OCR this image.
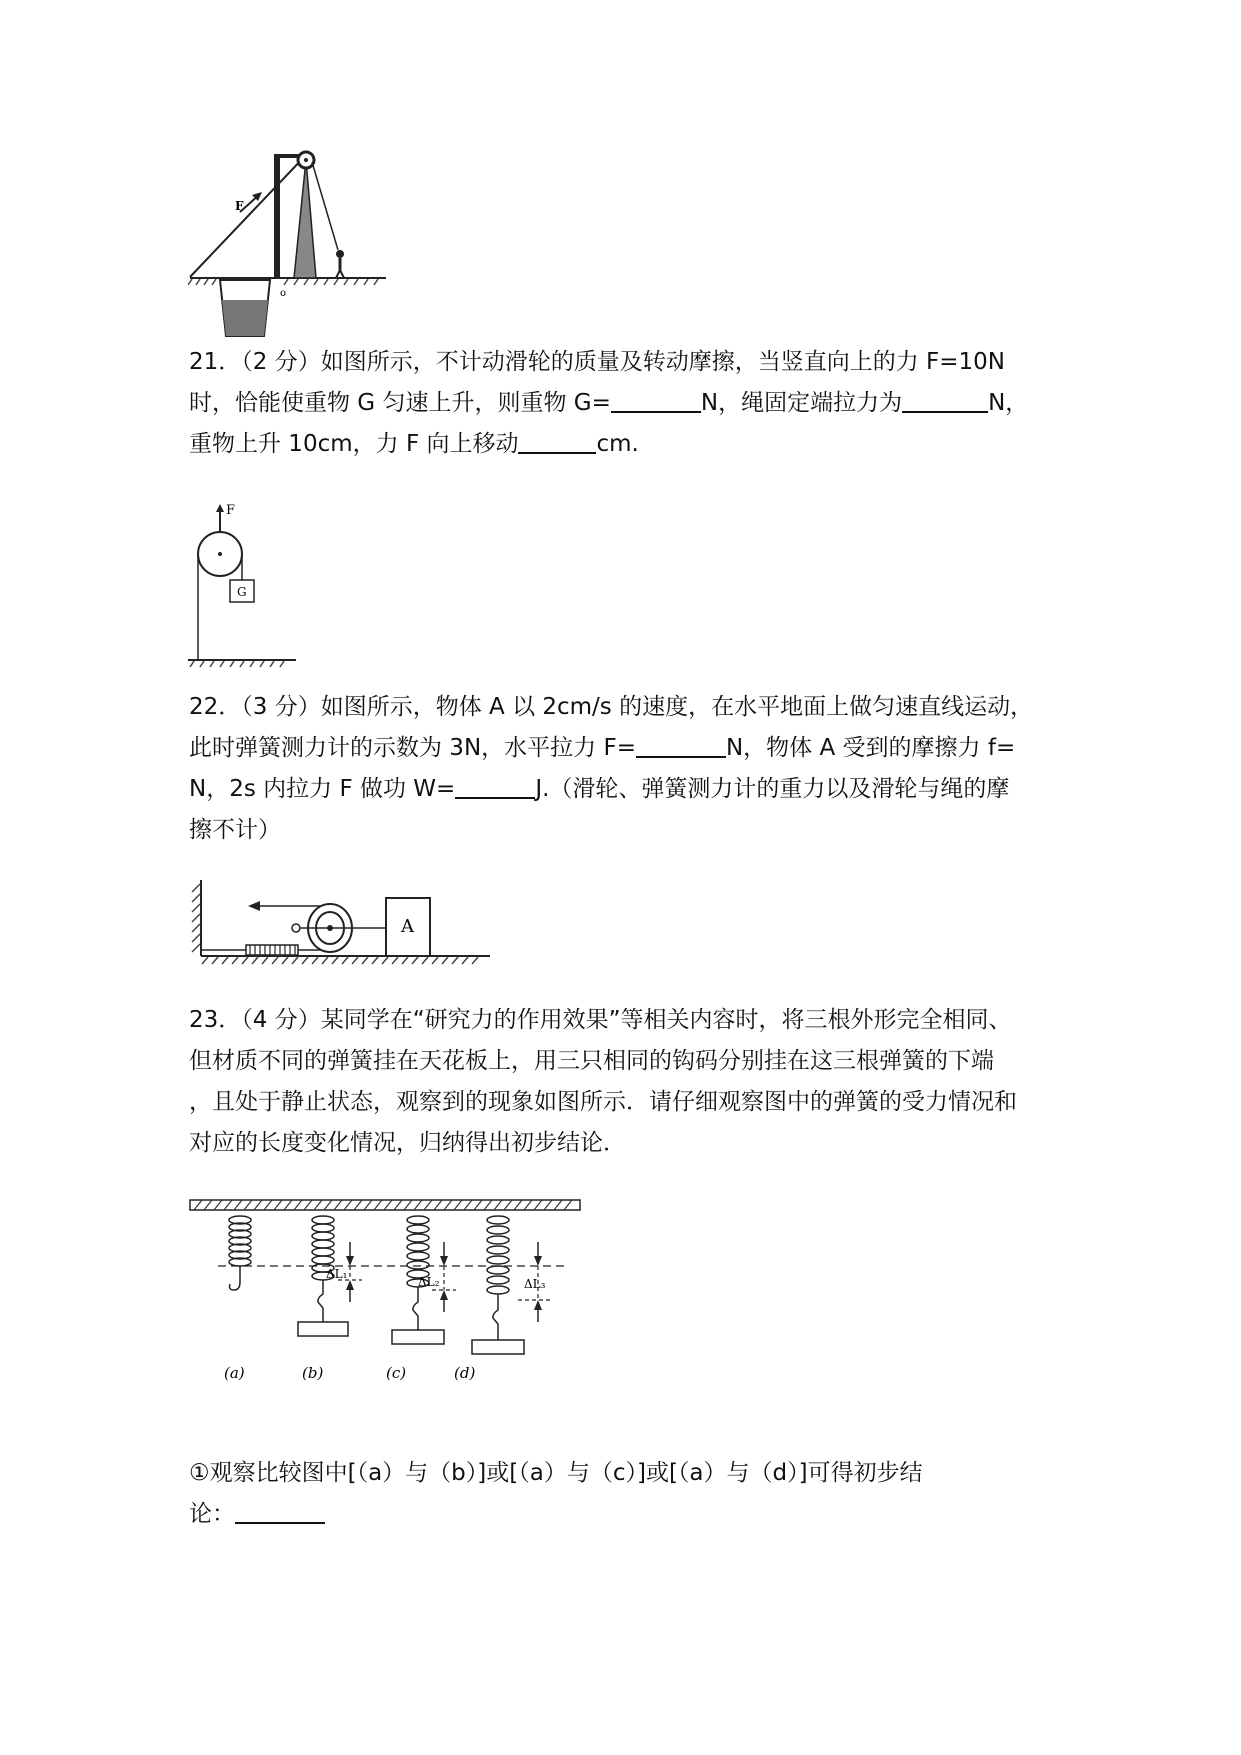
F
o

21．（2 分）如图所示，不计动滑轮的质量及转动摩擦，当竖直向上的力 F=10N

时，恰能使重物 G 匀速上升，则重物 G=	N，绳固定端拉力为	N，

重物上升 10cm，力 F 向上移动	cm.

F
G

22．（3 分）如图所示，物体 A 以 2cm/s 的速度，在水平地面上做匀速直线运动，

此时弹簧测力计的示数为 3N，水平拉力 F=	N，物体 A 受到的摩擦力 f=

N，2s 内拉力 F 做功 W=	J.（滑轮、弹簧测力计的重力以及滑轮与绳的摩

擦不计）

A

23．（4 分）某同学在“研究力的作用效果”等相关内容时，将三根外形完全相同、

但材质不同的弹簧挂在天花板上，用三只相同的钩码分别挂在这三根弹簧的下端

，且处于静止状态，观察到的现象如图所示．请仔细观察图中的弹簧的受力情况和

对应的长度变化情况，归纳得出初步结论．

ΔL₁
ΔL₂	ΔL₃
(a)	(b)	(c)	(d)

①观察比较图中[（a）与（b）]或[（a）与（c）]或[（a）与（d）]可得初步结

论：
